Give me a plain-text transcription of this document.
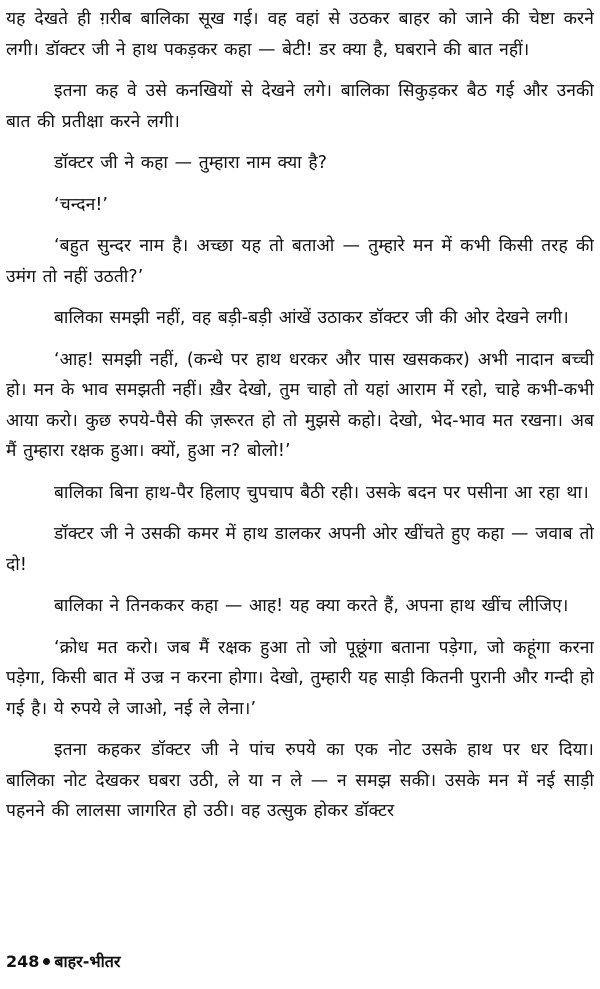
यह देखते ही ग़रीब बालिका सूख गई। वह वहां से उठकर बाहर को जाने की चेष्टा करने लगी। डॉक्टर जी ने हाथ पकड़कर कहा — बेटी! डर क्या है, घबराने की बात नहीं।

इतना कह वे उसे कनखियों से देखने लगे। बालिका सिकुड़कर बैठ गई और उनकी बात की प्रतीक्षा करने लगी।

डॉक्टर जी ने कहा — तुम्हारा नाम क्या है?

‘चन्दन!’

‘बहुत सुन्दर नाम है। अच्छा यह तो बताओ — तुम्हारे मन में कभी किसी तरह की उमंग तो नहीं उठती?’

बालिका समझी नहीं, वह बड़ी-बड़ी आंखें उठाकर डॉक्टर जी की ओर देखने लगी।

‘आह! समझी नहीं, (कन्धे पर हाथ धरकर और पास खसककर) अभी नादान बच्ची हो। मन के भाव समझती नहीं। ख़ैर देखो, तुम चाहो तो यहां आराम में रहो, चाहे कभी-कभी आया करो। कुछ रुपये-पैसे की ज़रूरत हो तो मुझसे कहो। देखो, भेद-भाव मत रखना। अब मैं तुम्हारा रक्षक हुआ। क्यों, हुआ न? बोलो!’

बालिका बिना हाथ-पैर हिलाए चुपचाप बैठी रही। उसके बदन पर पसीना आ रहा था।

डॉक्टर जी ने उसकी कमर में हाथ डालकर अपनी ओर खींचते हुए कहा — जवाब तो दो!

बालिका ने तिनककर कहा — आह! यह क्या करते हैं, अपना हाथ खींच लीजिए।

‘क्रोध मत करो। जब मैं रक्षक हुआ तो जो पूछूंगा बताना पड़ेगा, जो कहूंगा करना पड़ेगा, किसी बात में उज्र न करना होगा। देखो, तुम्हारी यह साड़ी कितनी पुरानी और गन्दी हो गई है। ये रुपये ले जाओ, नई ले लेना।’

इतना कहकर डॉक्टर जी ने पांच रुपये का एक नोट उसके हाथ पर धर दिया। बालिका नोट देखकर घबरा उठी, ले या न ले — न समझ सकी। उसके मन में नई साड़ी पहनने की लालसा जागरित हो उठी। वह उत्सुक होकर डॉक्टर

248 बाहर-भीतर
